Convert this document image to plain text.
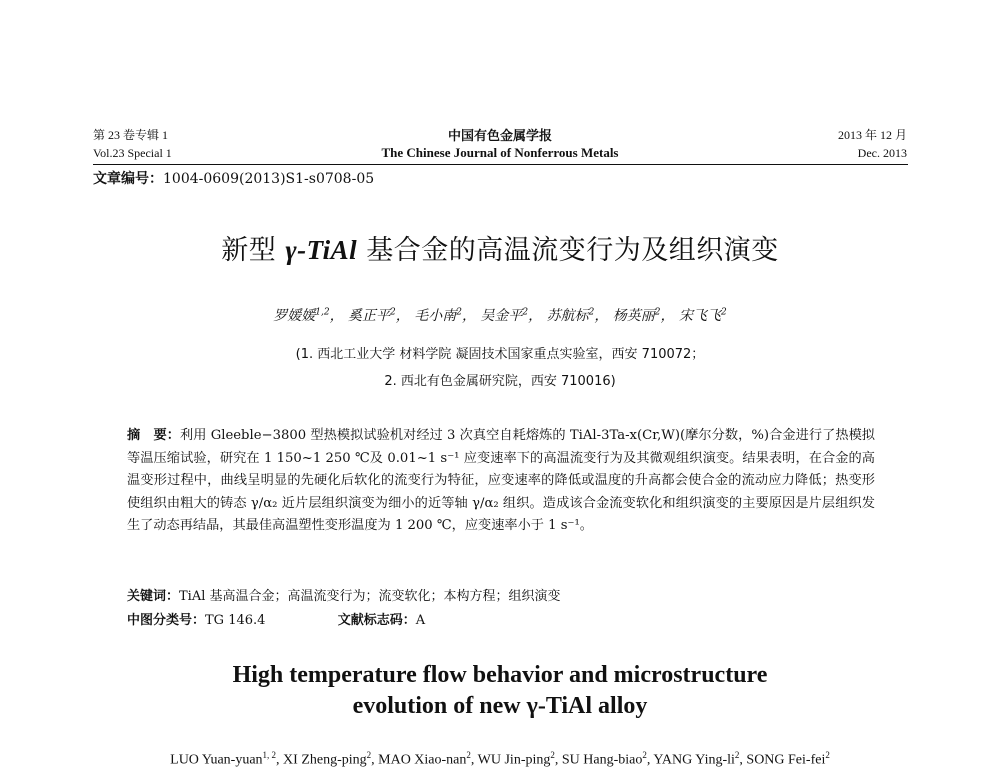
第 23 卷专辑 1	中国有色金属学报	2013 年 12 月
Vol.23 Special 1	The Chinese Journal of Nonferrous Metals	Dec. 2013
文章编号：1004-0609(2013)S1-s0708-05
新型 γ-TiAl 基合金的高温流变行为及组织演变
罗媛媛$^{1,2}$， 奚正平$^2$， 毛小南$^2$， 吴金平$^2$， 苏航标$^2$， 杨英丽$^2$， 宋飞飞$^2$
(1. 西北工业大学 材料学院 凝固技术国家重点实验室，西安 710072；
2. 西北有色金属研究院，西安 710016)
摘　要：利用 Gleeble−3800 型热模拟试验机对经过 3 次真空自耗熔炼的 TiAl-3Ta-x(Cr,W)(摩尔分数，%)合金进行了热模拟等温压缩试验，研究在 1 150~1 250 ℃及 0.01~1 s⁻¹ 应变速率下的高温流变行为及其微观组织演变。结果表明，在合金的高温变形过程中，曲线呈明显的先硬化后软化的流变行为特征，应变速率的降低或温度的升高都会使合金的流动应力降低；热变形使组织由粗大的铸态 γ/α₂ 近片层组织演变为细小的近等轴 γ/α₂ 组织。造成该合金流变软化和组织演变的主要原因是片层组织发生了动态再结晶，其最佳高温塑性变形温度为 1 200 ℃，应变速率小于 1 s⁻¹。
关键词：TiAl 基高温合金；高温流变行为；流变软化；本构方程；组织演变
中图分类号：TG 146.4	文献标志码：A
High temperature flow behavior and microstructure
evolution of new γ-TiAl alloy
LUO Yuan-yuan$^{1, 2}$, XI Zheng-ping$^2$, MAO Xiao-nan$^2$, WU Jin-ping$^2$, SU Hang-biao$^2$, YANG Ying-$li^2$, SONG Fei-fei$^2$
